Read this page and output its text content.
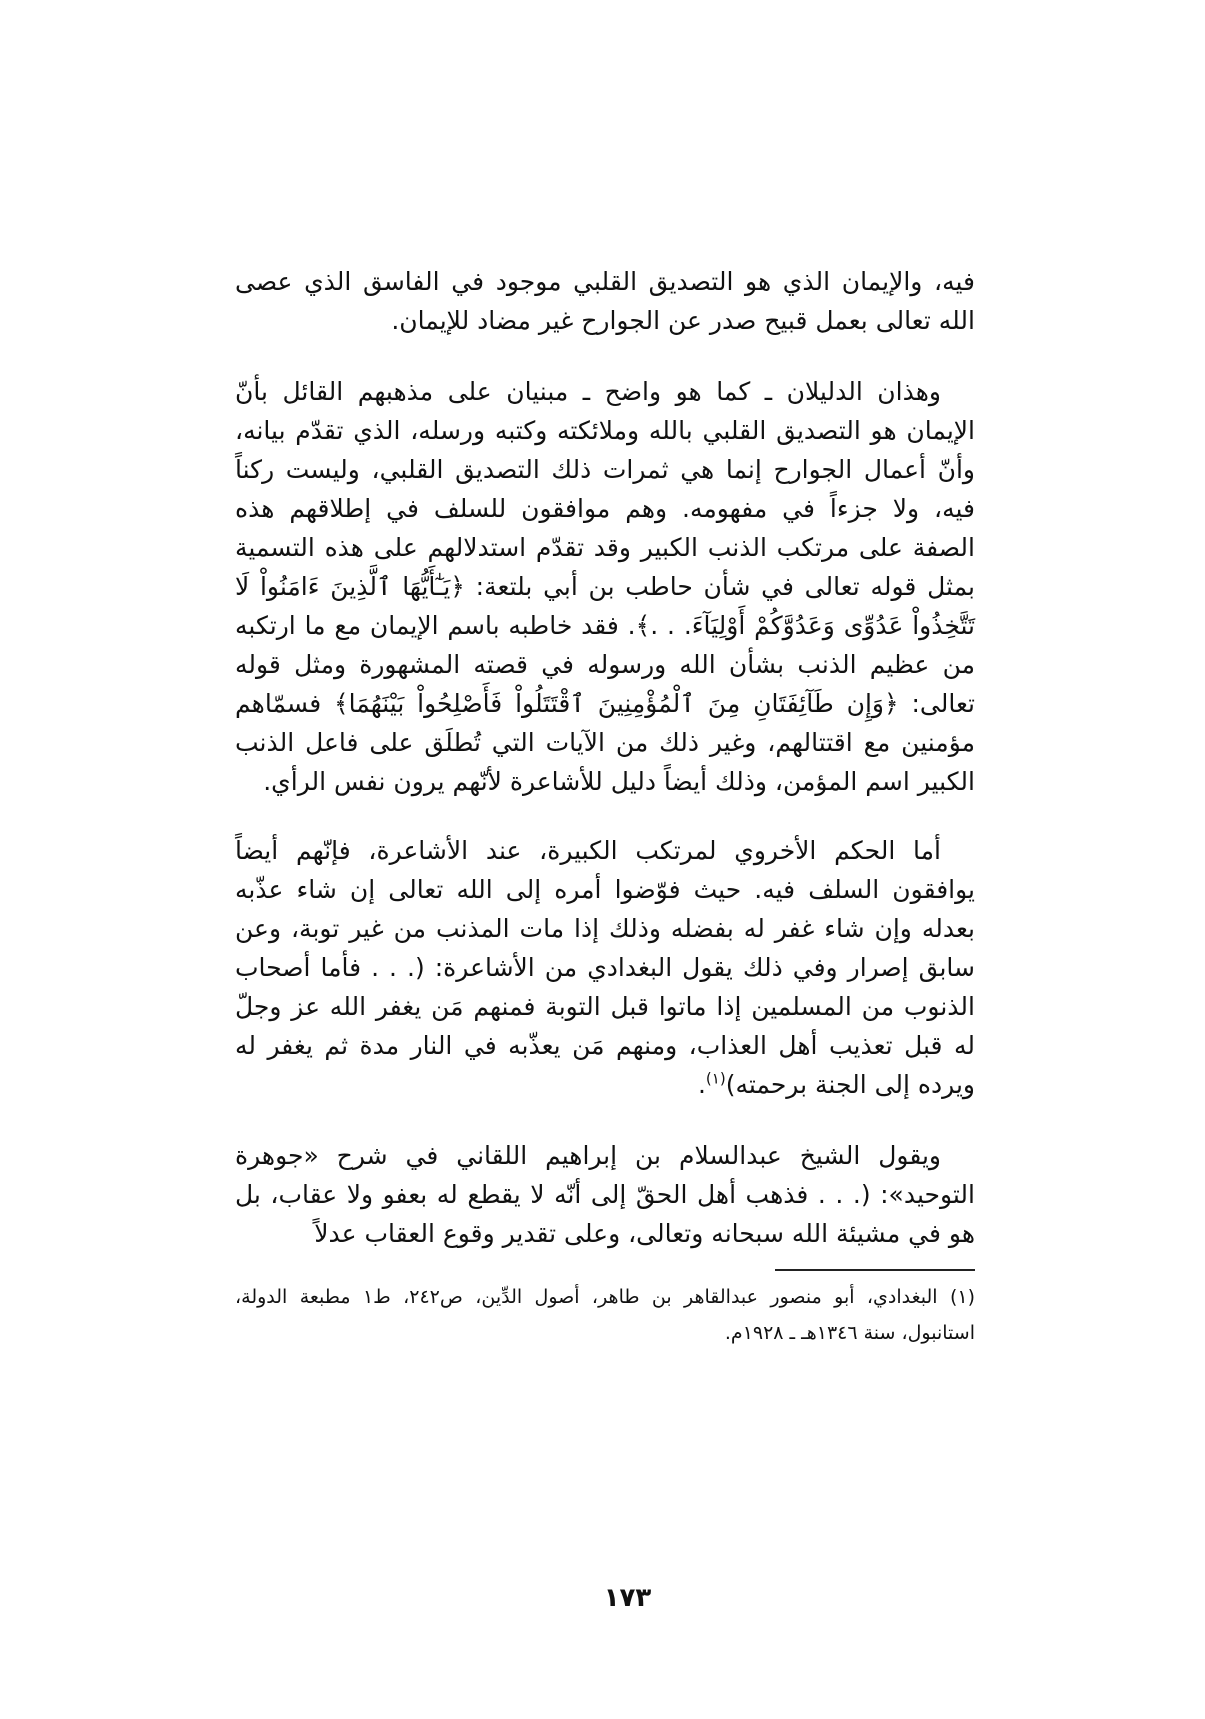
فيه، والإيمان الذي هو التصديق القلبي موجود في الفاسق الذي عصى الله تعالى بعمل قبيح صدر عن الجوارح غير مضاد للإيمان.

وهذان الدليلان ـ كما هو واضح ـ مبنيان على مذهبهم القائل بأنّ الإيمان هو التصديق القلبي بالله وملائكته وكتبه ورسله، الذي تقدّم بيانه، وأنّ أعمال الجوارح إنما هي ثمرات ذلك التصديق القلبي، وليست ركناً فيه، ولا جزءاً في مفهومه. وهم موافقون للسلف في إطلاقهم هذه الصفة على مرتكب الذنب الكبير وقد تقدّم استدلالهم على هذه التسمية بمثل قوله تعالى في شأن حاطب بن أبي بلتعة: ﴿يَـٰٓأَيُّهَا ٱلَّذِينَ ءَامَنُواْ لَا تَتَّخِذُواْ عَدُوِّى وَعَدُوَّكُمْ أَوْلِيَآءَ. . .﴾. فقد خاطبه باسم الإيمان مع ما ارتكبه من عظيم الذنب بشأن الله ورسوله في قصته المشهورة ومثل قوله تعالى: ﴿وَإِن طَآئِفَتَانِ مِنَ ٱلْمُؤْمِنِينَ ٱقْتَتَلُواْ فَأَصْلِحُواْ بَيْنَهُمَا﴾ فسمّاهم مؤمنين مع اقتتالهم، وغير ذلك من الآيات التي تُطلَق على فاعل الذنب الكبير اسم المؤمن، وذلك أيضاً دليل للأشاعرة لأنّهم يرون نفس الرأي.

أما الحكم الأخروي لمرتكب الكبيرة، عند الأشاعرة، فإنّهم أيضاً يوافقون السلف فيه. حيث فوّضوا أمره إلى الله تعالى إن شاء عذّبه بعدله وإن شاء غفر له بفضله وذلك إذا مات المذنب من غير توبة، وعن سابق إصرار وفي ذلك يقول البغدادي من الأشاعرة: (. . . فأما أصحاب الذنوب من المسلمين إذا ماتوا قبل التوبة فمنهم مَن يغفر الله عز وجلّ له قبل تعذيب أهل العذاب، ومنهم مَن يعذّبه في النار مدة ثم يغفر له ويرده إلى الجنة برحمته)$^{(١)}$.

ويقول الشيخ عبدالسلام بن إبراهيم اللقاني في شرح «جوهرة التوحيد»: (. . . فذهب أهل الحقّ إلى أنّه لا يقطع له بعفو ولا عقاب، بل هو في مشيئة الله سبحانه وتعالى، وعلى تقدير وقوع العقاب عدلاً

(١) البغدادي، أبو منصور عبدالقاهر بن طاهر، أصول الدِّين، ص٢٤٢، ط١ مطبعة الدولة، استانبول، سنة ١٣٤٦هـ ـ ١٩٢٨م.

١٧٣
